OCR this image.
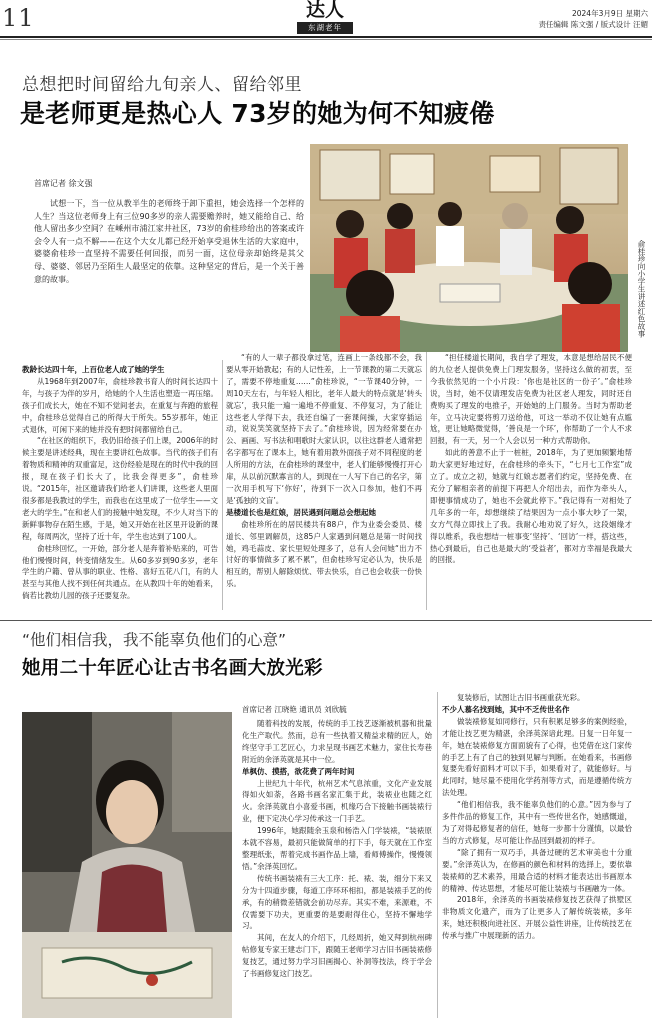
11	达人
东湖老年
2024年3月9日 星期六
责任编辑 陈文强 / 版式设计 汪媚
总想把时间留给九旬亲人、留给邻里
是老师更是热心人 73岁的她为何不知疲倦
首席记者 徐文强

试想一下，当一位从教半生的老师终于卸下重担，她会选择一个怎样的人生？当这位老师身上有三位90多岁的亲人需要赡养时，她又能给自己、给他人留出多少空间？在嵊州市浦江家井社区，73岁的俞桂珍给出的答案或许会令人有一点不解——在这个大女儿都已经开始享受退休生活的大家庭中，婆婆俞桂珍一直坚持不需要任何回报，而另一面，这位母亲却始终是其父母、婆婆、邻居乃至陌生人最坚定的依靠。这种坚定的背后，是一个关于善意的故事。	俞桂珍向小学生讲述红色故事

教龄长达四十年，上百位老人成了她的学生

从1968年到2007年，俞桂珍教书育人的时间长达四十年，与孩子为伴的岁月，给她的个人生活也塑造一再压缩。孩子们成长大，她在不知不觉间老去，在重复与奔跑的旅程中，俞桂珍总觉得自己的所得大于所失。55岁那年，她正式退休，可闲下来的她并没有把时间都留给自己。

“在社区的组织下，我仍旧给孩子们上课，2006年的时候主要是讲述经典，现在主要讲红色故事。当代的孩子们有着物质和精神的双重富足，这份经验是现在的时代中我的回报，现在孩子们长大了，比我会得更多”，俞桂珍说。“2015年，社区邀请我们给老人们讲课，这些老人里面很多都是我教过的学生，而我也在这里成了一位学生——文老大的学生。”在和老人们的接触中她发现，不少人对当下的新鲜事物存在陌生感，于是，她又开始在社区里开设新的课程，每周两次，坚持了近十年，学生也达到了100人。

俞桂珍回忆，一开始，部分老人是奔着补贴来的，可告他们慢慢时间，转变情绪发生。从60多岁到90多岁，老年学生的户籍、曾从事的职业、性格、喜好五花八门，有的人甚至与其他人找不到任何共通点。在从教四十年的她看来，倘若比教幼儿园的孩子还要复杂。

“有的人一辈子都没拿过笔，连画上一条线都不会，我要从零开始教起；有的人记性差，上一节课教的第二天就忘了，需要不停地重复……”俞桂珍说，“一节课40分钟，一周10天左右，与年轻人相比，老年人最大的特点就是‘转头就忘’，我只能一遍一遍地不停重复、不停复习，为了能让这些老人学得下去，我还自编了一套课间操，大家穿插运动，说说笑笑就坚持下去了。”俞桂珍说，因为经常要在办公、画画、写书法和唱歌时大家认识，以往这群老人通常把名字都写在了课本上，她有着用教外面孩子对不同程度的老人所用的方法，在俞桂珍的课堂中，老人们能够慢慢打开心扉，从以前沉默寡言的人，到现在一人写下自己的名字，第一次用手机写下‘你好’，待到下一次入口参加，他们不再是‘孤独的文盲’。

是楼道长也是红娘，居民遇到问题总会想起她

俞桂珍所在的居民楼共有88户，作为业委会委员、楼道长、邻里调解员，这85户人家遇到问题总是第一时间找她，鸡毛蒜皮、家长里短处理多了，总有人会问她“出力不讨好的事情做多了累不累”，但俞桂珍写定必认为，快乐是相互的，帮别人解除烦忧、带去快乐，自己也会收获一份快乐。

“担任楼道长期间，我自学了理发，本意是想给居民不便的九位老人提供免费上门理发服务，坚持这么做的初衷，至今我依然见的一个小片段：‘你也是社区的一份子’。”俞桂珍说，当时，她不仅请理发店免费为社区老人理发，同时还自费购买了理发的电推子，开始她的上门服务。当时为帮助老年，立马决定要将剪刀送给他，可这一举动不仅让她有点尴尬，更让她略微觉得，‘善良是一个环’，你帮助了一个人不求回报，有一天，另一个人会以另一种方式帮助你。

如此的善意不止于一桩桩，2018年，为了更加频繁地帮助大家更好地过好，在俞桂珍的牵头下，“七月七工作室”成立了。成立之初，她就与红娘志愿者们约定，坚持免费、在充分了解相亲者的前提下再把人介绍出去，而作为牵头人，即便事情成功了，她也不会就此停下。”我记得有一对相处了几年多的一年，却想继续了结果因为一点小事大吵了一架，女方气得立即找上了我。我耐心地劝说了好久，这段姻缘才得以维系，我也想结一桩事变‘坚持’、‘回访’一样，搭这些，热心到最后，自己也是最大的‘受益者’，都对方幸福是我最大的回报。

“他们相信我，我不能辜负他们的心意”
她用二十年匠心让古书名画大放光彩
首席记者 江晓艳 通讯员 刘欣毓

随着科技的发展，传统的手工技艺逐渐被机器和批量化生产取代。然而，总有一些执着又精益求精的匠人，始终坚守手工艺匠心，力求呈现书画艺术魅力，家住长寿巷附近的余泽英就是其中一位。

单枫仿、摸搭，欲花费了两年时间

上世纪九十年代，杭州艺术气息浓重，文化产业发展得如火如荼，各路书画名家汇集于此，装裱业也随之红火。余泽英就自小喜爱书画，机缘巧合下接触书画装裱行业，便下定决心学习传承这一门手艺。

1996年，她跟随余玉泉和杨浩入门学装裱，“装裱原本就不容易，最初只能做简单的打下手，每天就在工作室整理纸张，帮着完成书画作品上墙，看师傅操作，慢慢领悟。”余泽英回忆。

传统书画装裱有三大工序：托、裱、装，细分下来又分为十四道步骤，每道工序环环相扣，都是装裱手艺的传承，有的稍微差错就会前功尽弃。其实不难，来源难，不仅需要下功夫，更重要的是要耐得住心，坚持不懈地学习。

其间，在友人的介绍下，几经周折，她又拜到杭州碑帖修复专家王建志门下，跟随王老师学习古旧书画装裱修复技艺，通过努力学习旧画揭心、补洞等技法，终于学会了书画修复这门技艺。

复装修后，试图让古旧书画重获光彩。

不少人慕名找到她，其中不乏传世名作

做装裱修复如同修行，只有积累足够多的案例经验，才能让技艺更为精湛，余泽英深谙此理。日复一日年复一年，她在装裱修复方面面貌有了心得，也凭借在这门家传的手艺上有了自己的独到见解与判断。在她看来，书画修复要先看好面料才可以下手，如果看对了，就能修好。与此同时，她尽量不使用化学药剂等方式，而是遵循传统方法处理。

“他们相信我，我不能辜负他们的心意。”因为参与了多件作品的修复工作，其中有一些传世名作，她感慨道，为了对得起修复者的信任，她每一步都十分谨慎，以最恰当的方式修复，尽可能让作品回到最初的样子。

“除了拥有一双巧手，具备过硬的艺术审美也十分重要。”余泽英认为，在修画的颜色和材料的选择上，要依靠装裱师的艺术素养，用最合适的材料才能表达出书画原本的精神、传达思想，才能尽可能让装裱与书画融为一体。

2018年，余泽英的书画装裱修复技艺获得了拱墅区非物质文化遗产，而为了让更多人了解传统装裱，多年来，她还积极向进社区、开展公益性讲座，让传统技艺在传承与推广中展现新的活力。
